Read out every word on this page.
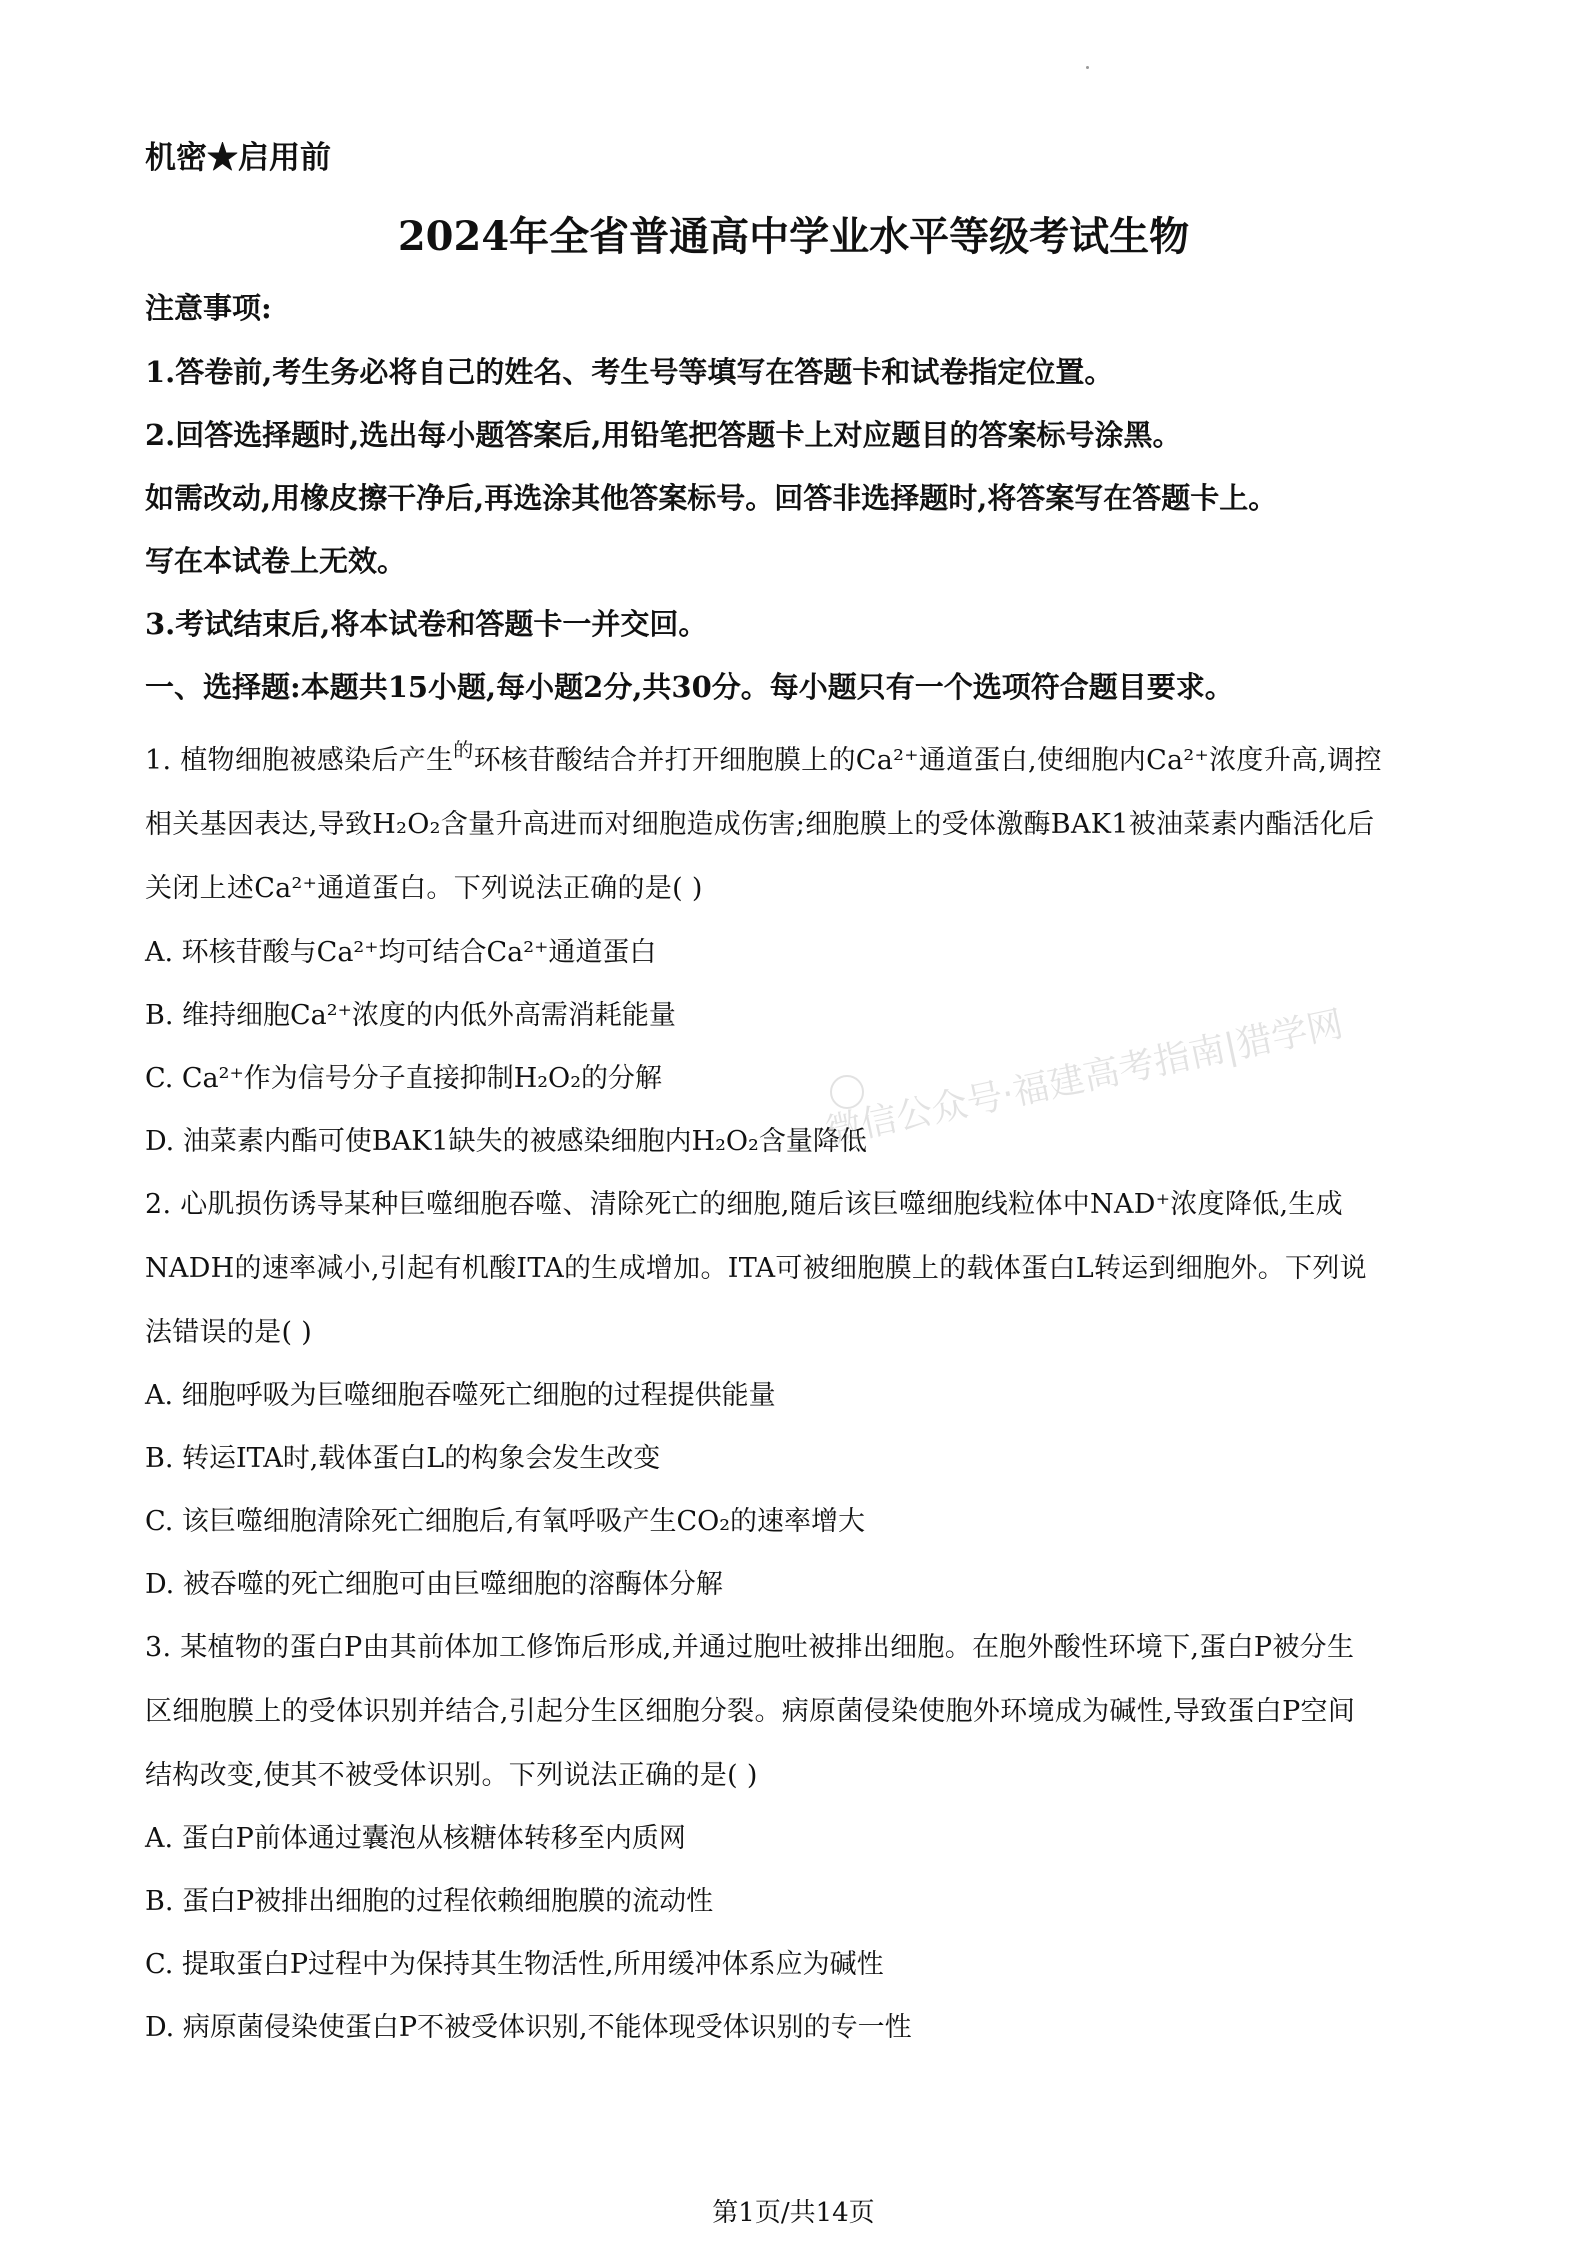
机密★启用前
2024年全省普通高中学业水平等级考试生物
注意事项:
1.答卷前,考生务必将自己的姓名、考生号等填写在答题卡和试卷指定位置。
2.回答选择题时,选出每小题答案后,用铅笔把答题卡上对应题目的答案标号涂黑。
如需改动,用橡皮擦干净后,再选涂其他答案标号。回答非选择题时,将答案写在答题卡上。
写在本试卷上无效。
3.考试结束后,将本试卷和答题卡一并交回。
一、选择题:本题共15小题,每小题2分,共30分。每小题只有一个选项符合题目要求。
1. 植物细胞被感染后产生$^的$环核苷酸结合并打开细胞膜上的Ca²⁺通道蛋白,使细胞内Ca²⁺浓度升高,调控
相关基因表达,导致H₂O₂含量升高进而对细胞造成伤害;细胞膜上的受体激酶BAK1被油菜素内酯活化后
关闭上述Ca²⁺通道蛋白。下列说法正确的是( )
A. 环核苷酸与Ca²⁺均可结合Ca²⁺通道蛋白
B. 维持细胞Ca²⁺浓度的内低外高需消耗能量
C. Ca²⁺作为信号分子直接抑制H₂O₂的分解
D. 油菜素内酯可使BAK1缺失的被感染细胞内H₂O₂含量降低
2. 心肌损伤诱导某种巨噬细胞吞噬、清除死亡的细胞,随后该巨噬细胞线粒体中NAD⁺浓度降低,生成
NADH的速率减小,引起有机酸ITA的生成增加。ITA可被细胞膜上的载体蛋白L转运到细胞外。下列说
法错误的是( )
A. 细胞呼吸为巨噬细胞吞噬死亡细胞的过程提供能量
B. 转运ITA时,载体蛋白L的构象会发生改变
C. 该巨噬细胞清除死亡细胞后,有氧呼吸产生CO₂的速率增大
D. 被吞噬的死亡细胞可由巨噬细胞的溶酶体分解
3. 某植物的蛋白P由其前体加工修饰后形成,并通过胞吐被排出细胞。在胞外酸性环境下,蛋白P被分生
区细胞膜上的受体识别并结合,引起分生区细胞分裂。病原菌侵染使胞外环境成为碱性,导致蛋白P空间
结构改变,使其不被受体识别。下列说法正确的是( )
A. 蛋白P前体通过囊泡从核糖体转移至内质网
B. 蛋白P被排出细胞的过程依赖细胞膜的流动性
C. 提取蛋白P过程中为保持其生物活性,所用缓冲体系应为碱性
D. 病原菌侵染使蛋白P不被受体识别,不能体现受体识别的专一性
微信公众号·福建高考指南|猎学网
第1页/共14页
